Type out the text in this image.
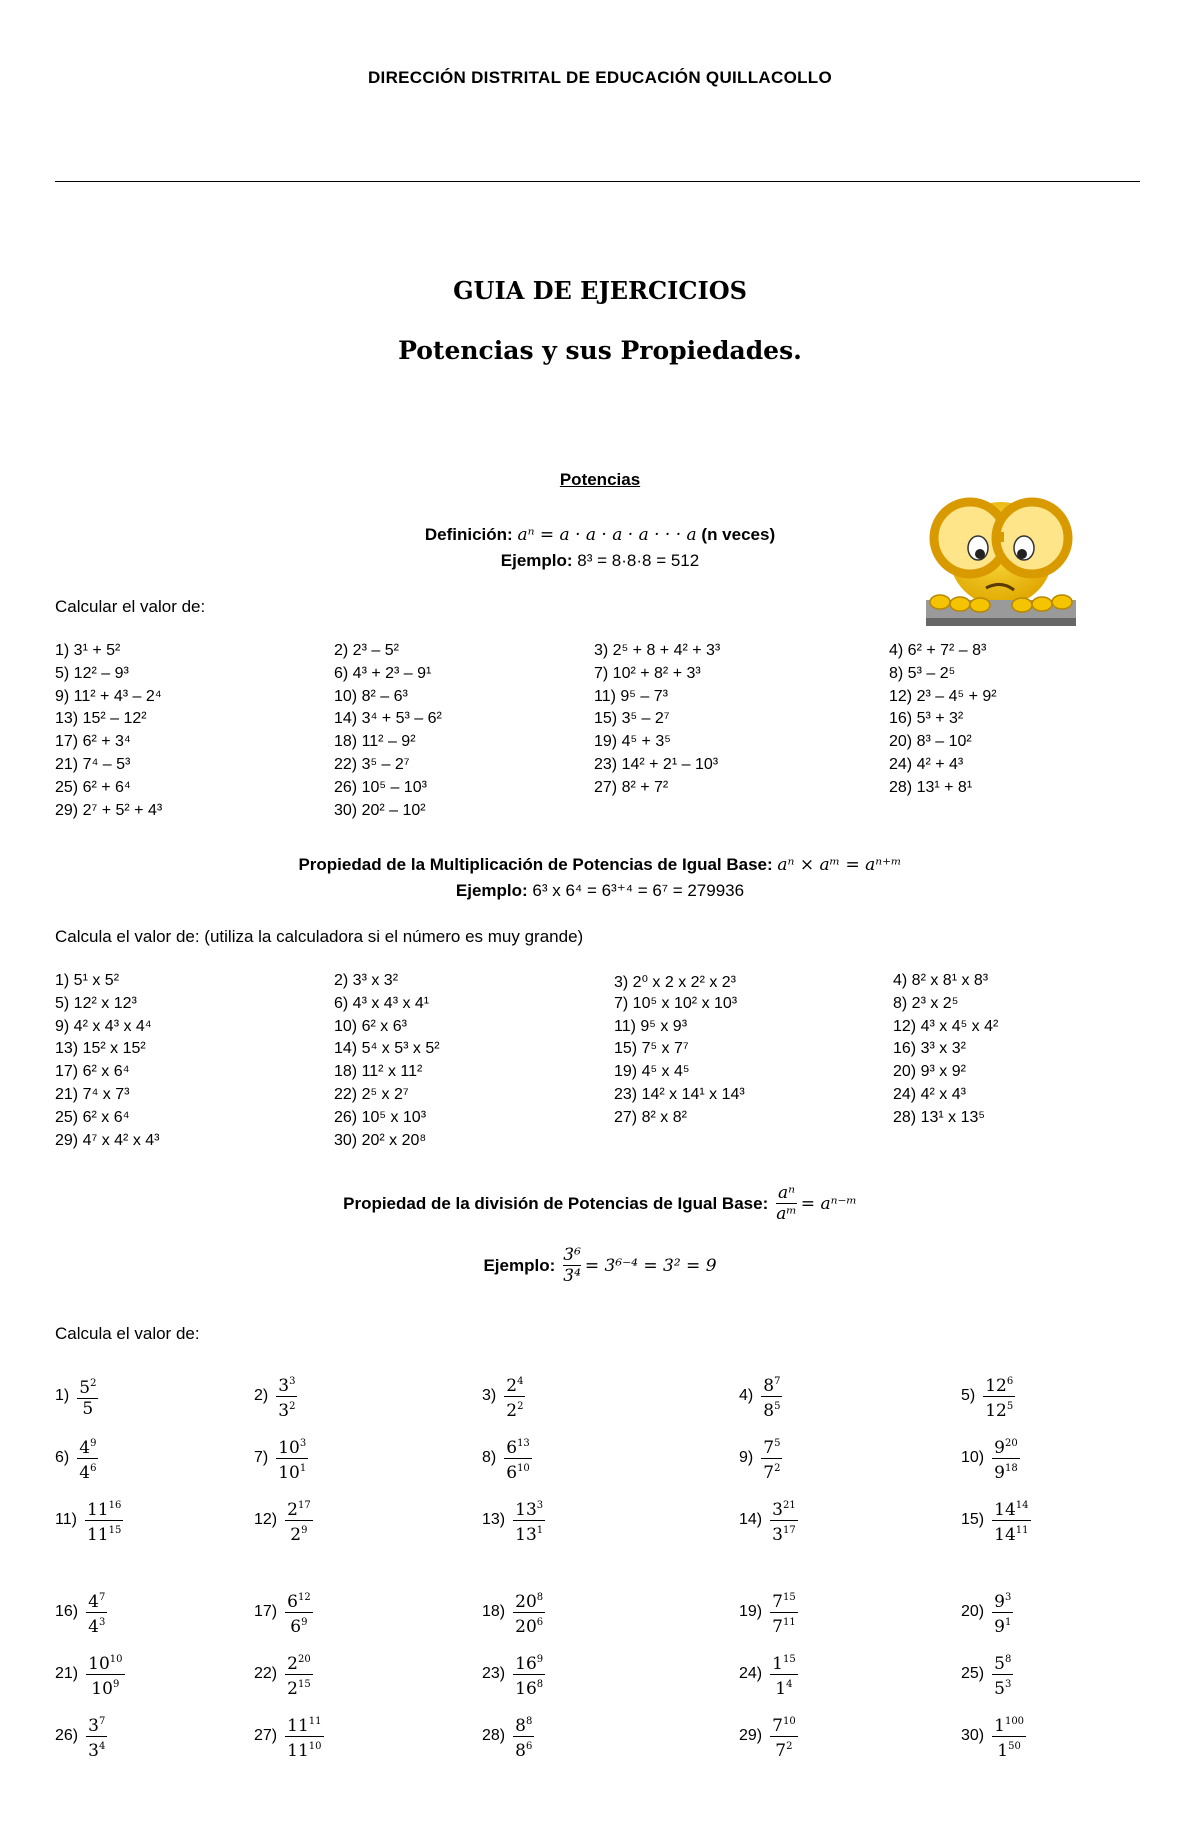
DIRECCIÓN DISTRITAL DE EDUCACIÓN QUILLACOLLO
GUIA DE EJERCICIOS
Potencias y sus Propiedades.
Potencias
Definición: aⁿ = a · a · a · a · · · a (n veces)
Ejemplo: 8³ = 8·8·8 = 512
Calcular el valor de:
1) 3¹ + 5²	2) 2³ – 5²	3) 2⁵ + 8 + 4² + 3³	4) 6² + 7² – 8³
5) 12² – 9³	6) 4³ + 2³ – 9¹	7) 10² + 8² + 3³	8) 5³ – 2⁵
9) 11² + 4³ – 2⁴	10) 8² – 6³	11) 9⁵ – 7³	12) 2³ – 4⁵ + 9²
13) 15² – 12²	14) 3⁴ + 5³ – 6²	15) 3⁵ – 2⁷	16) 5³ + 3²
17) 6² + 3⁴	18) 11² – 9²	19) 4⁵ + 3⁵	20) 8³ – 10²
21) 7⁴ – 5³	22) 3⁵ – 2⁷	23) 14² + 2¹ – 10³	24) 4² + 4³
25) 6² + 6⁴	26) 10⁵ – 10³	27) 8² + 7²	28) 13¹ + 8¹
29) 2⁷ + 5² + 4³	30) 20² – 10²
Propiedad de la Multiplicación de Potencias de Igual Base: aⁿ × aᵐ = aⁿ⁺ᵐ
Ejemplo: 6³ x 6⁴ = 6³⁺⁴ = 6⁷ = 279936
Calcula el valor de: (utiliza la calculadora si el número es muy grande)
1) 5¹ x 5²	2) 3³ x 3²	3) 2⁰ x 2 x 2² x 2³	4) 8² x 8¹ x 8³
5) 12² x 12³	6) 4³ x 4³ x 4¹	7) 10⁵ x 10² x 10³	8) 2³ x 2⁵
9) 4² x 4³ x 4⁴	10) 6² x 6³	11) 9⁵ x 9³	12) 4³ x 4⁵ x 4²
13) 15² x 15²	14) 5⁴ x 5³ x 5²	15) 7⁵ x 7⁷	16) 3³ x 3²
17) 6² x 6⁴	18) 11² x 11²	19) 4⁵ x 4⁵	20) 9³ x 9²
21) 7⁴ x 7³	22) 2⁵ x 2⁷	23) 14² x 14¹ x 14³	24) 4² x 4³
25) 6² x 6⁴	26) 10⁵ x 10³	27) 8² x 8²	28) 13¹ x 13⁵
29) 4⁷ x 4² x 4³	30) 20² x 20⁸
Propiedad de la división de Potencias de Igual Base: $\frac{\text{aⁿ}}{\text{aᵐ}}$ = aⁿ⁻ᵐ
Ejemplo: $\frac{\text{3⁶}}{\text{3⁴}} = 3^{6-4} = 3^2 = 9$
Calcula el valor de:
$1) \frac{5^2}{5}$	$2) \frac{3^3}{3^2}$	$3) \frac{2^4}{2^2}$	$4) \frac{8^7}{8^5}$	$5) \frac{12^6}{12^5}$
$6) \frac{4^9}{4^6}$	$7) \frac{10^3}{10^1}$	$8) \frac{6^{13}}{6^{10}}$	$9) \frac{7^5}{7^2}$	$10) \frac{9^{20}}{9^{18}}$
$11) \frac{11^{16}}{11^{15}}$	$12) \frac{2^{17}}{2^9}$	$13) \frac{13^3}{13^1}$	$14) \frac{3^{21}}{3^{17}}$	$15) \frac{14^{14}}{14^{11}}$
$16) \frac{4^7}{4^3}$	$17) \frac{6^{12}}{6^9}$	$18) \frac{20^8}{20^6}$	$19) \frac{7^{15}}{7^{11}}$	$20) \frac{9^3}{9^1}$
$21) \frac{10^{10}}{10^9}$	$22) \frac{2^{20}}{2^{15}}$	$23) \frac{16^9}{16^8}$	$24) \frac{1^{15}}{1^4}$	$25) \frac{5^8}{5^3}$
$26) \frac{3^7}{3^4}$	$27) \frac{11^{11}}{11^{10}}$	$28) \frac{8^8}{8^6}$	$29) \frac{7^{10}}{7^2}$	$30) \frac{1^{100}}{1^{50}}$
